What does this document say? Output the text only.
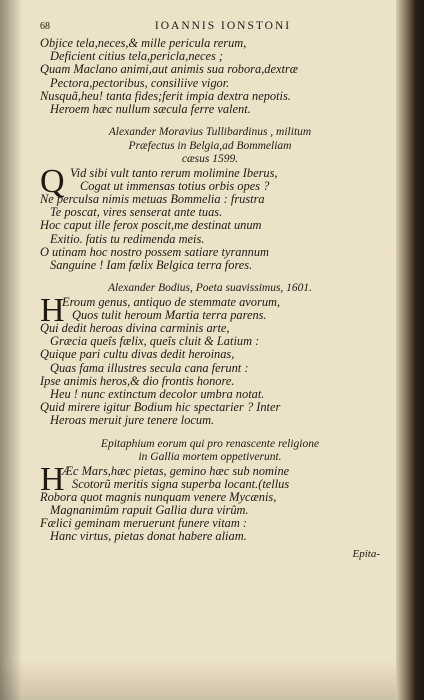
68	IOANNIS IONSTONI
Objice tela,neces,& mille pericula rerum,
Deficient citius tela,pericla,neces ;
Quam Maclano animi,aut animis sua robora,dextræ
Pectora,pectoribus, consiliive vigor.
Nusquã,heu! tanta fides;ferit impia dextra nepotis.
Heroem hæc nullum sæcula ferre valent.
Alexander Moravius Tullibardinus , militum
Præfectus in Belgia,ad Bommeliam
cæsus 1599.
Q Vid sibi vult tanto rerum molimine Iberus,
Cogat ut immensas totius orbis opes ?
Ne perculsa nimis metuas Bommelia : frustra
Te poscat, vires senserat ante tuas.
Hoc caput ille ferox poscit,me destinat unum
Exitio. fatis tu redimenda meis.
O utinam hoc nostro possem satiare tyrannum
Sanguine ! Iam fælix Belgica terra fores.
Alexander Bodius, Poeta suavissimus, 1601.
H
Eroum genus, antiquo de stemmate avorum,
Quos tulit heroum Martia terra parens.
Qui dedit heroas divina carminis arte,
Græcia queîs fælix, queîs cluit & Latium :
Quique pari cultu divas dedit heroinas,
Quas fama illustres secula cana ferunt :
Ipse animis heros,& dio frontis honore.
Heu ! nunc extinctum decolor umbra notat.
Quid mirere igitur Bodium hic spectarier ? Inter
Heroas meruit jure tenere locum.
Epitaphium eorum qui pro renascente religione
in Gallia mortem oppetiverunt.
H
Æc Mars,hæc pietas, gemino hæc sub nomine
Scotorũ meritis signa superba locant.(tellus
Robora quot magnis nunquam venere Mycænis,
Magnanimûm rapuit Gallia dura virûm.
Fælici geminam meruerunt funere vitam :
Hanc virtus, pietas donat habere aliam.
Epita-
